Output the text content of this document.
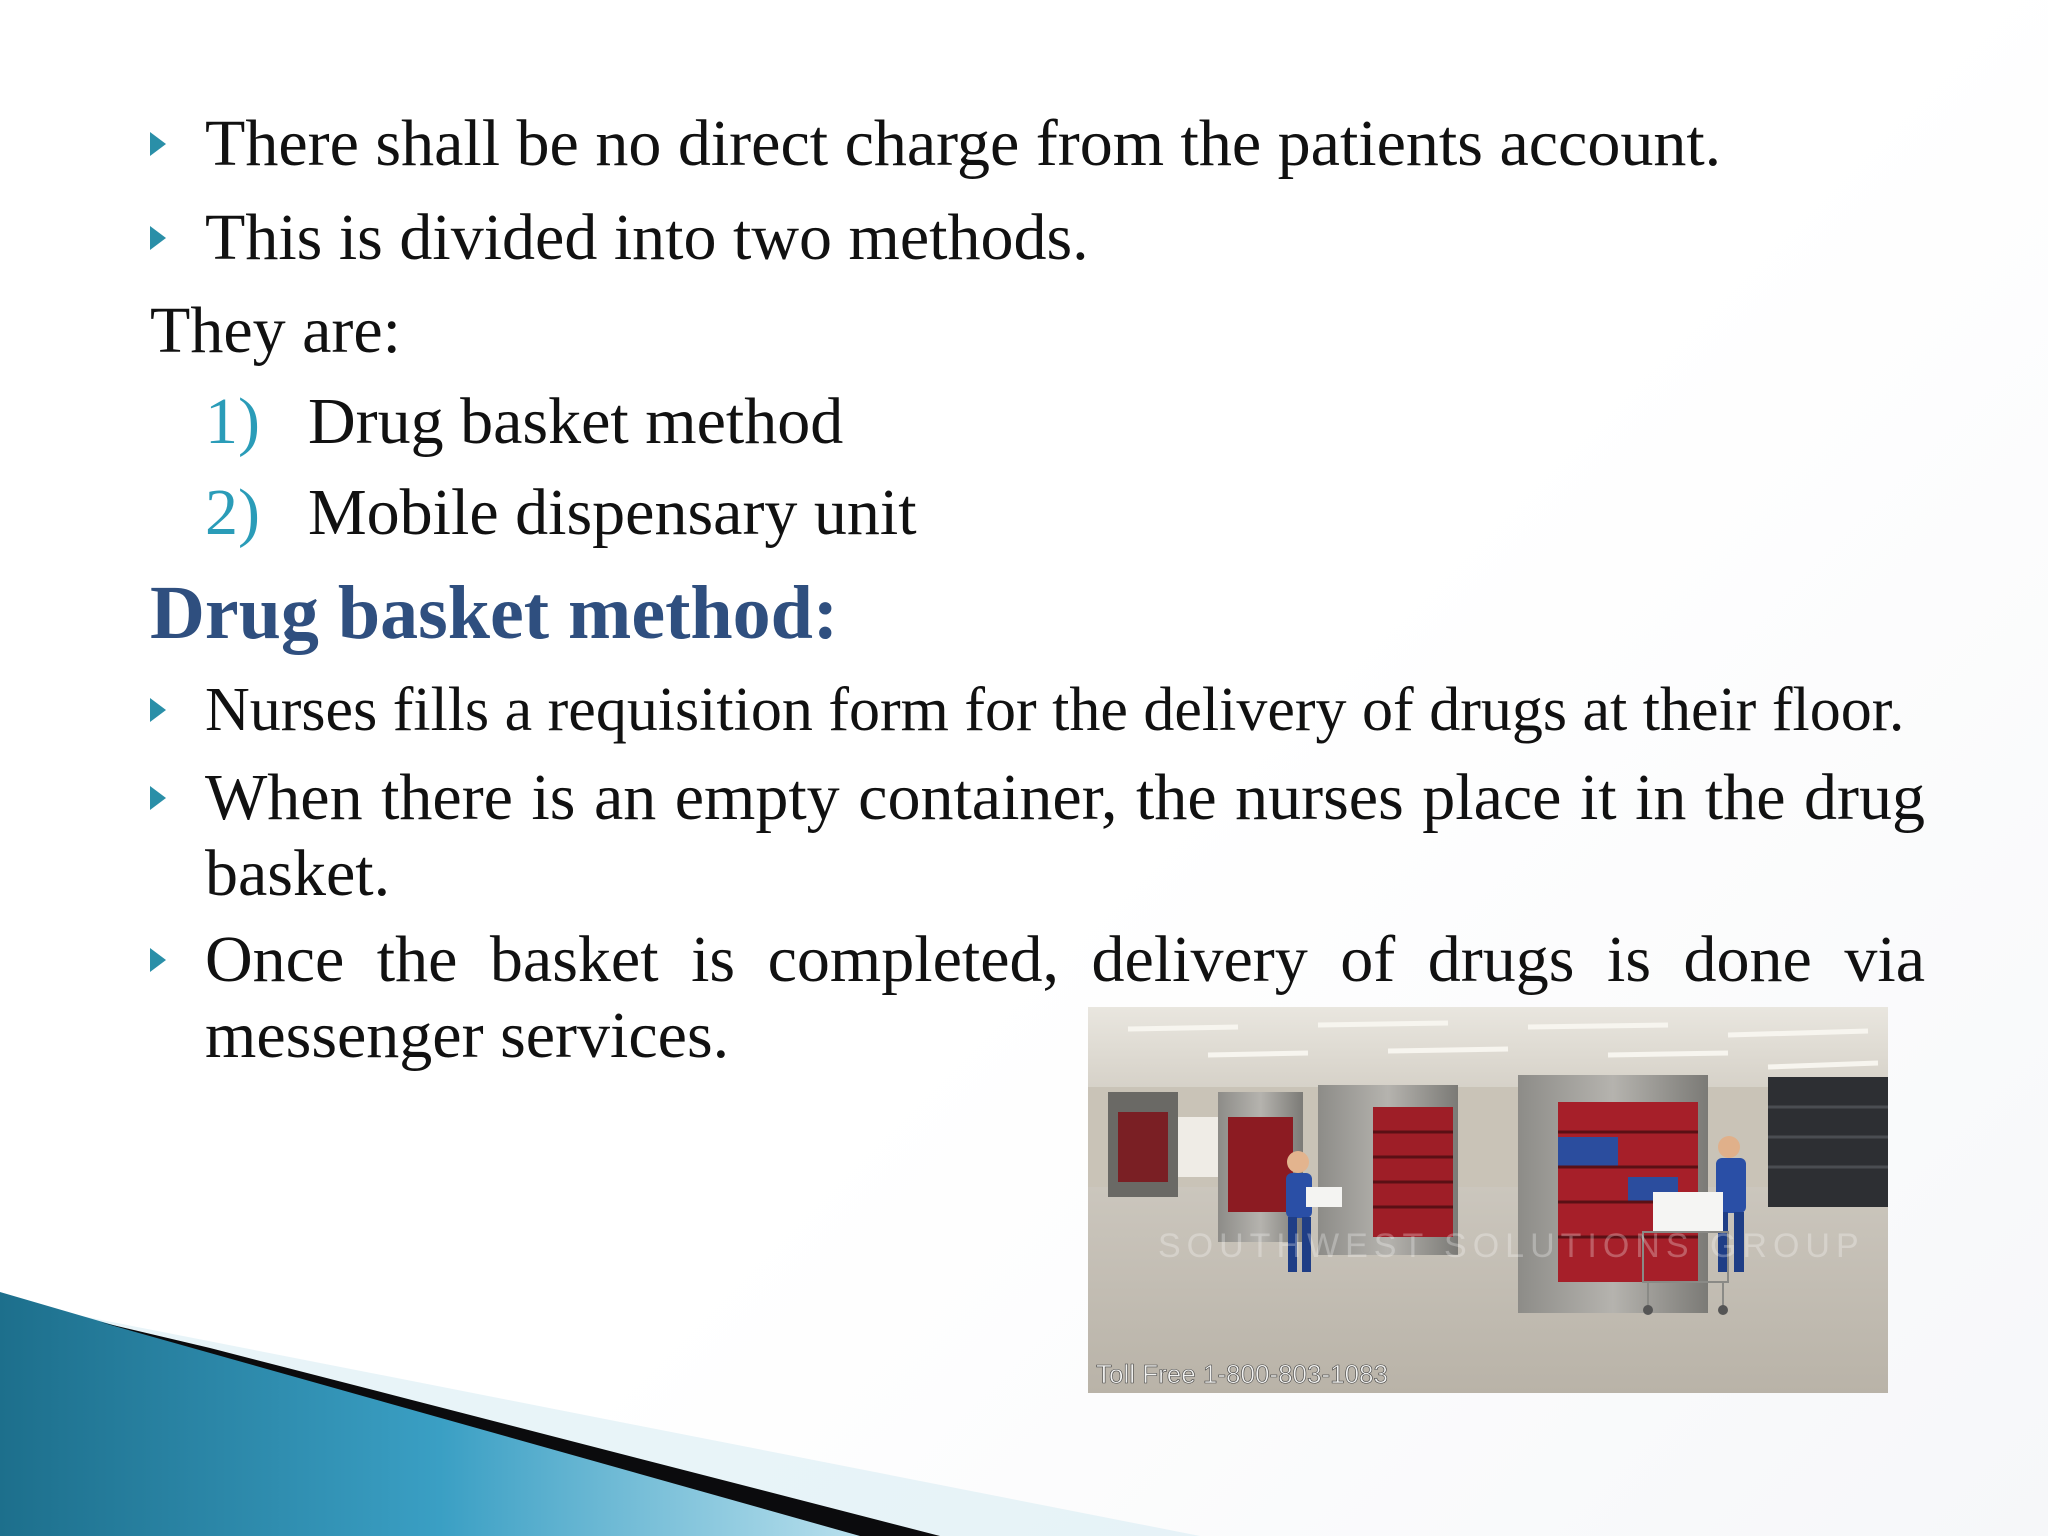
There shall be no direct charge from the patients account.
This is divided into two methods.
They are:
1) Drug basket method
2) Mobile dispensary unit
Drug basket method:
Nurses fills a requisition form for the delivery of drugs at their floor.
When there is an empty container, the nurses place it in the drug basket.
Once the basket is completed, delivery of drugs is done via messenger services.
SOUTHWEST SOLUTIONS GROUP
Toll Free 1-800-803-1083
